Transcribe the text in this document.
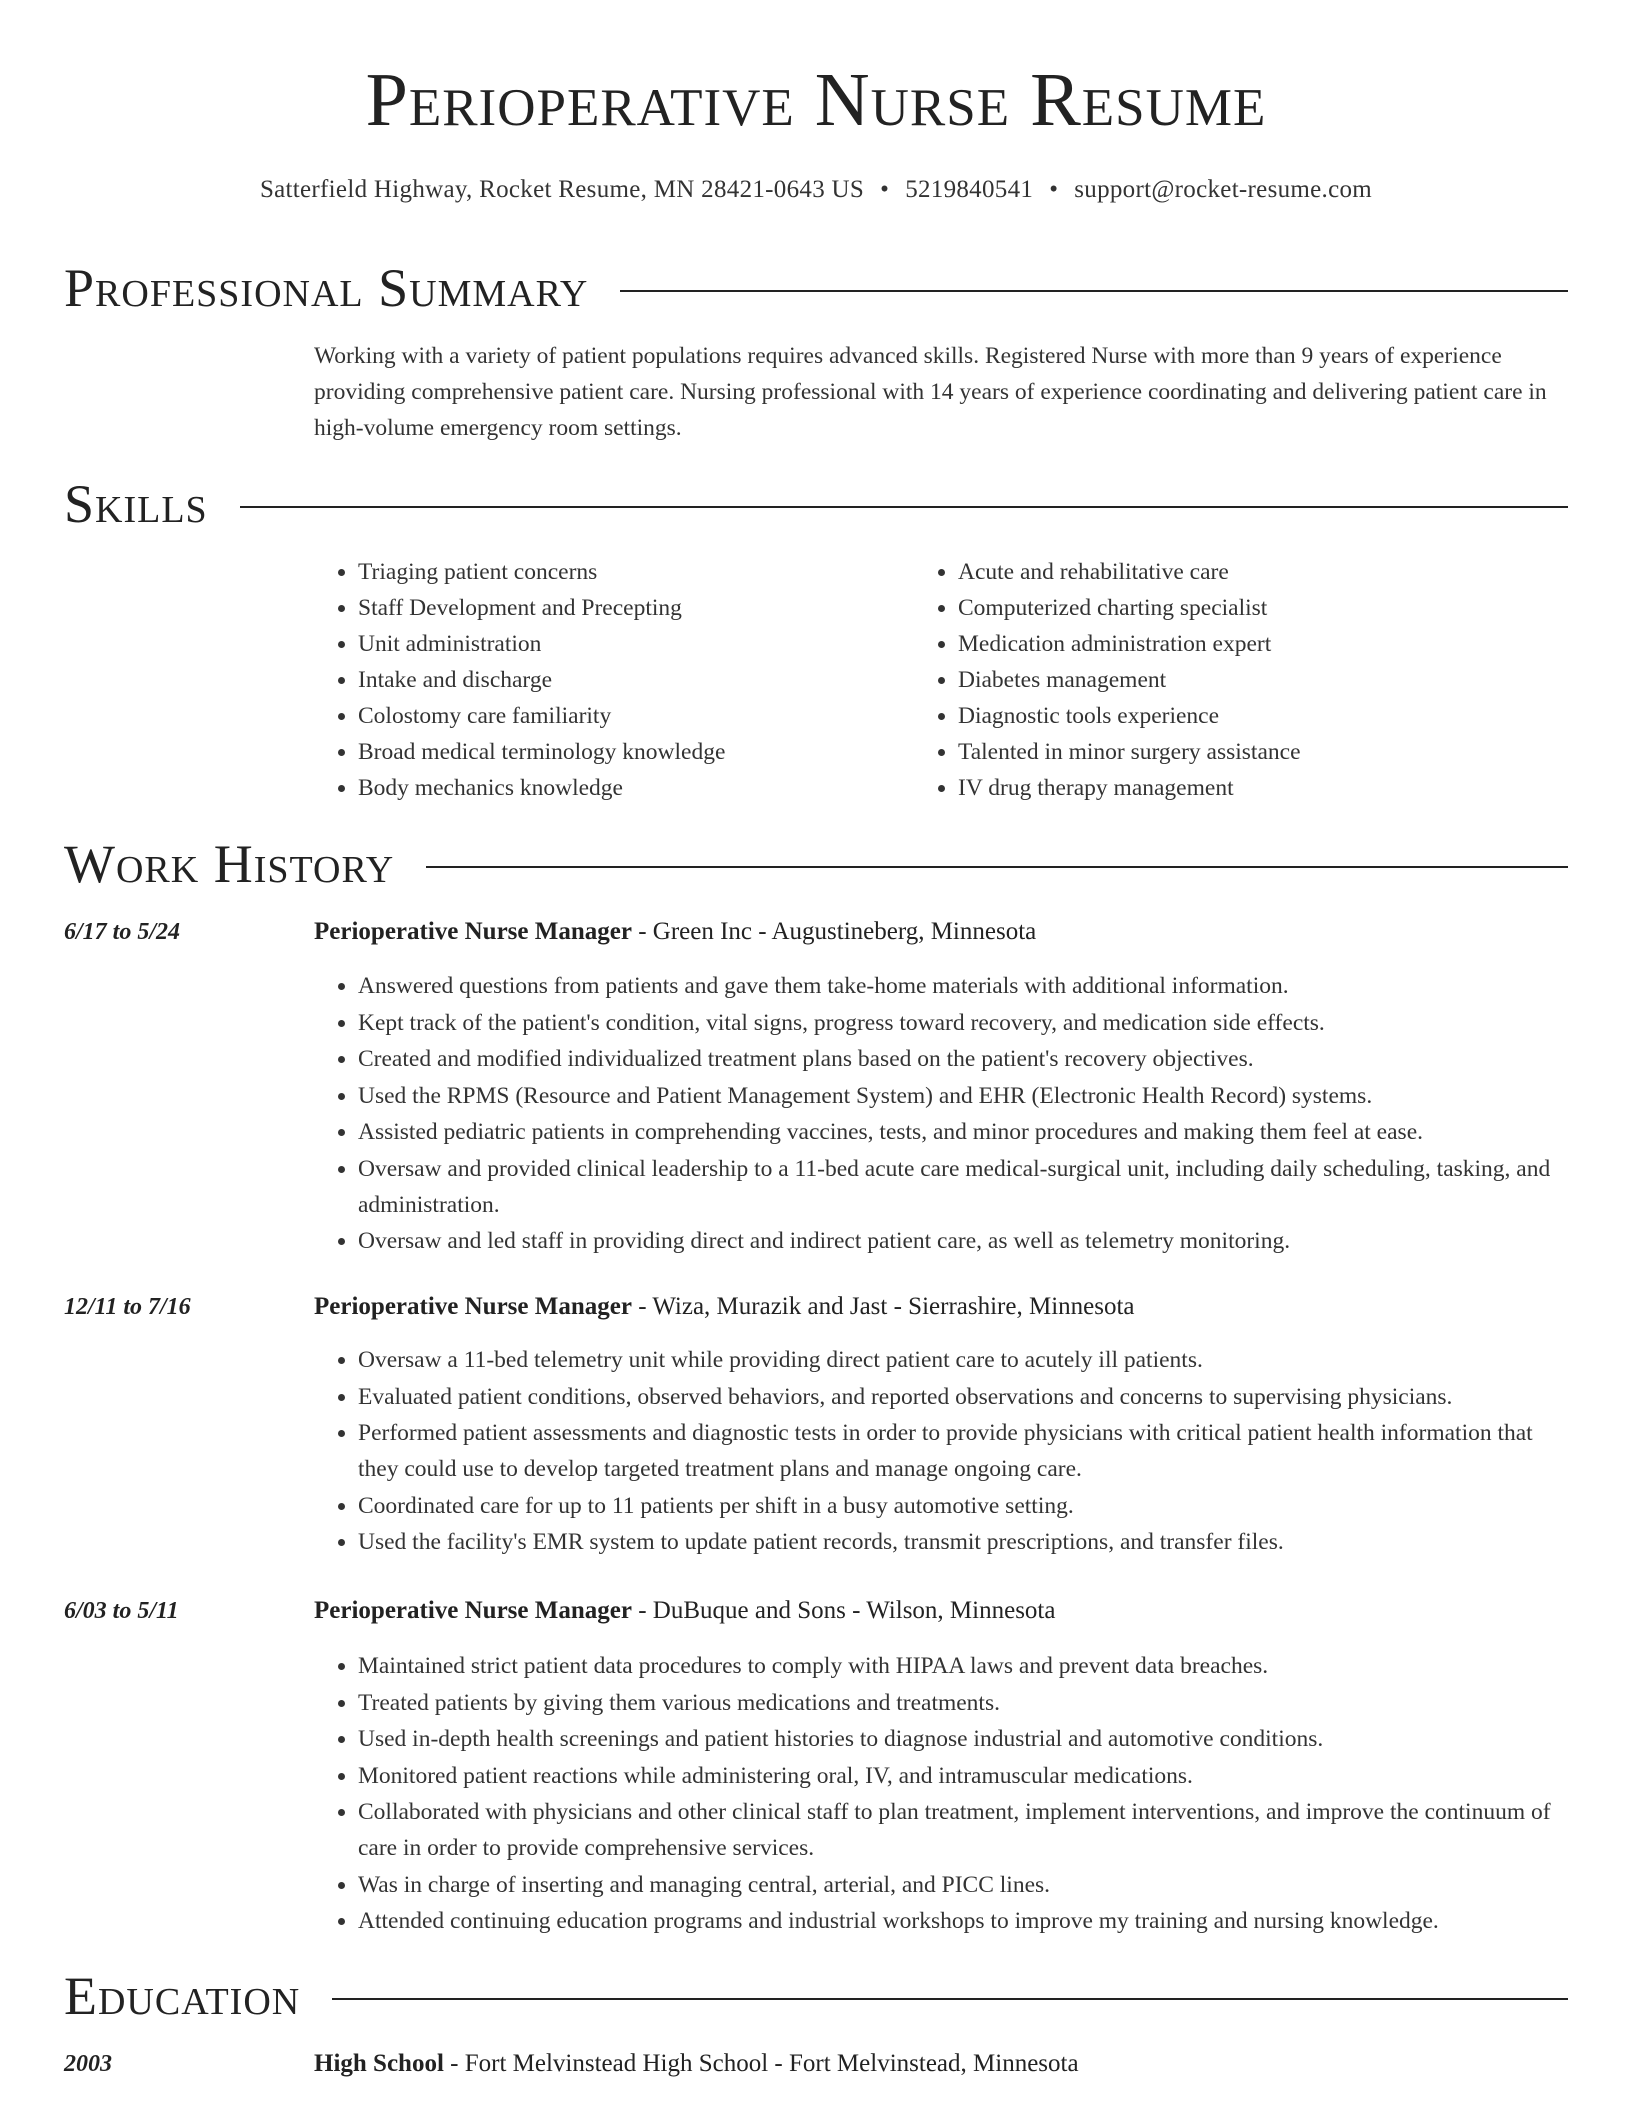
Perioperative Nurse Resume
Satterfield Highway, Rocket Resume, MN 28421-0643 US • 5219840541 • support@rocket-resume.com
Professional Summary
Working with a variety of patient populations requires advanced skills. Registered Nurse with more than 9 years of experience providing comprehensive patient care. Nursing professional with 14 years of experience coordinating and delivering patient care in high-volume emergency room settings.
Skills
• Triaging patient concerns
• Staff Development and Precepting
• Unit administration
• Intake and discharge
• Colostomy care familiarity
• Broad medical terminology knowledge
• Body mechanics knowledge
• Acute and rehabilitative care
• Computerized charting specialist
• Medication administration expert
• Diabetes management
• Diagnostic tools experience
• Talented in minor surgery assistance
• IV drug therapy management
Work History
6/17 to 5/24	Perioperative Nurse Manager - Green Inc - Augustineberg, Minnesota
• Answered questions from patients and gave them take-home materials with additional information.
• Kept track of the patient's condition, vital signs, progress toward recovery, and medication side effects.
• Created and modified individualized treatment plans based on the patient's recovery objectives.
• Used the RPMS (Resource and Patient Management System) and EHR (Electronic Health Record) systems.
• Assisted pediatric patients in comprehending vaccines, tests, and minor procedures and making them feel at ease.
• Oversaw and provided clinical leadership to a 11-bed acute care medical-surgical unit, including daily scheduling, tasking, and administration.
• Oversaw and led staff in providing direct and indirect patient care, as well as telemetry monitoring.
12/11 to 7/16	Perioperative Nurse Manager - Wiza, Murazik and Jast - Sierrashire, Minnesota
• Oversaw a 11-bed telemetry unit while providing direct patient care to acutely ill patients.
• Evaluated patient conditions, observed behaviors, and reported observations and concerns to supervising physicians.
• Performed patient assessments and diagnostic tests in order to provide physicians with critical patient health information that they could use to develop targeted treatment plans and manage ongoing care.
• Coordinated care for up to 11 patients per shift in a busy automotive setting.
• Used the facility's EMR system to update patient records, transmit prescriptions, and transfer files.
6/03 to 5/11	Perioperative Nurse Manager - DuBuque and Sons - Wilson, Minnesota
• Maintained strict patient data procedures to comply with HIPAA laws and prevent data breaches.
• Treated patients by giving them various medications and treatments.
• Used in-depth health screenings and patient histories to diagnose industrial and automotive conditions.
• Monitored patient reactions while administering oral, IV, and intramuscular medications.
• Collaborated with physicians and other clinical staff to plan treatment, implement interventions, and improve the continuum of care in order to provide comprehensive services.
• Was in charge of inserting and managing central, arterial, and PICC lines.
• Attended continuing education programs and industrial workshops to improve my training and nursing knowledge.
Education
2003	High School - Fort Melvinstead High School - Fort Melvinstead, Minnesota
